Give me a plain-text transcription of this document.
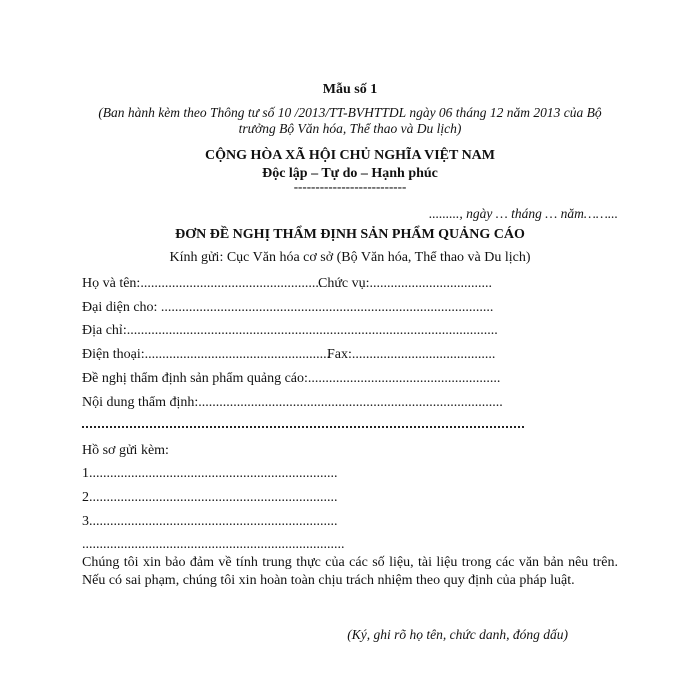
Mẫu số 1
(Ban hành kèm theo Thông tư số 10 /2013/TT-BVHTTDL ngày 06 tháng 12 năm 2013 của Bộ trưởng Bộ Văn hóa, Thể thao và Du lịch)
CỘNG HÒA XÃ HỘI CHỦ NGHĨA VIỆT NAM
Độc lập – Tự do – Hạnh phúc
--------------------------
........., ngày … tháng … năm……...
ĐƠN ĐỀ NGHỊ THẨM ĐỊNH SẢN PHẨM QUẢNG CÁO
Kính gửi: Cục Văn hóa cơ sở (Bộ Văn hóa, Thể thao và Du lịch)
Họ và tên:....................................................
Chức vụ:...................................
Đại diện cho: ...............................................................................................
Địa chỉ:..........................................................................................................
Điện thoại:.....................................................
Fax:.........................................
Đề nghị thẩm định sản phẩm quảng cáo:.......................................................
Nội dung thẩm định:.......................................................................................
Hồ sơ gửi kèm:
1.......................................................................
2.......................................................................
3.......................................................................
...........................................................................
Chúng tôi xin bảo đảm về tính trung thực của các số liệu, tài liệu trong các văn bản nêu trên. Nếu có sai phạm, chúng tôi xin hoàn toàn chịu trách nhiệm theo quy định của pháp luật.
(Ký, ghi rõ họ tên, chức danh, đóng dấu)
